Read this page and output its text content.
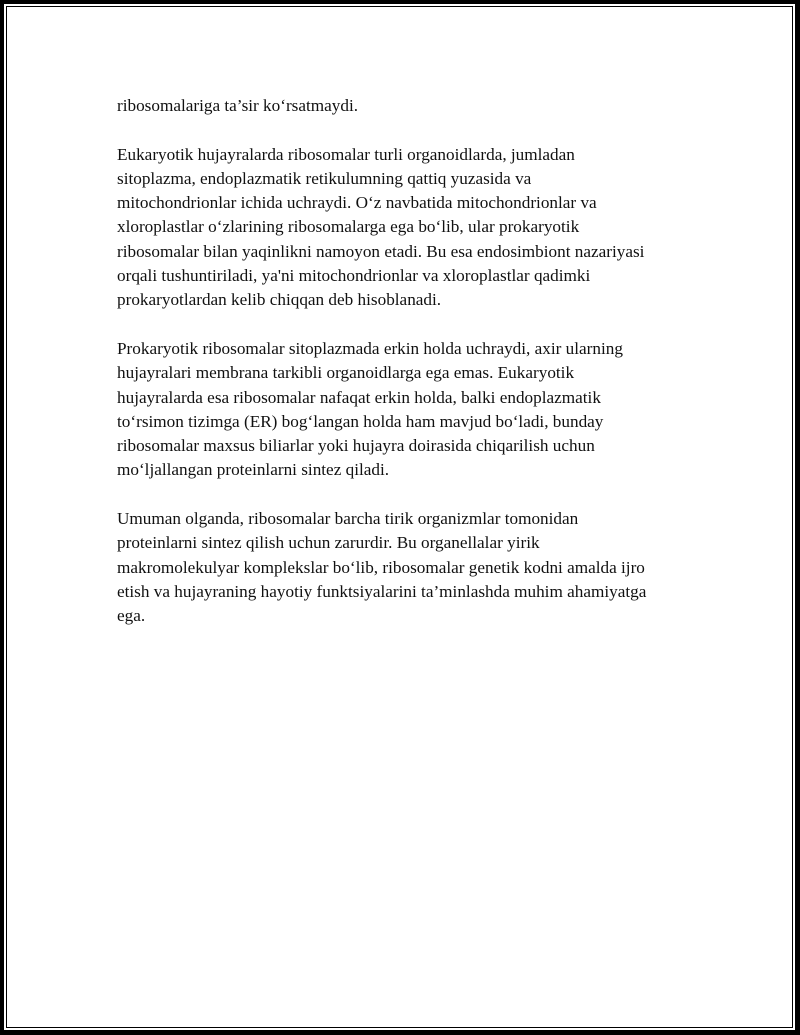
ribosomalariga ta’sir ko‘rsatmaydi.

Eukaryotik hujayralarda ribosomalar turli organoidlarda, jumladan
sitoplazma, endoplazmatik retikulumning qattiq yuzasida va
mitochondrionlar ichida uchraydi. O‘z navbatida mitochondrionlar va
xloroplastlar o‘zlarining ribosomalarga ega bo‘lib, ular prokaryotik
ribosomalar bilan yaqinlikni namoyon etadi. Bu esa endosimbiont nazariyasi
orqali tushuntiriladi, ya'ni mitochondrionlar va xloroplastlar qadimki
prokaryotlardan kelib chiqqan deb hisoblanadi.

Prokaryotik ribosomalar sitoplazmada erkin holda uchraydi, axir ularning
hujayralari membrana tarkibli organoidlarga ega emas. Eukaryotik
hujayralarda esa ribosomalar nafaqat erkin holda, balki endoplazmatik
to‘rsimon tizimga (ER) bog‘langan holda ham mavjud bo‘ladi, bunday
ribosomalar maxsus biliarlar yoki hujayra doirasida chiqarilish uchun
mo‘ljallangan proteinlarni sintez qiladi.

Umuman olganda, ribosomalar barcha tirik organizmlar tomonidan
proteinlarni sintez qilish uchun zarurdir. Bu organellalar yirik
makromolekulyar komplekslar bo‘lib, ribosomalar genetik kodni amalda ijro
etish va hujayraning hayotiy funktsiyalarini ta’minlashda muhim ahamiyatga
ega.
